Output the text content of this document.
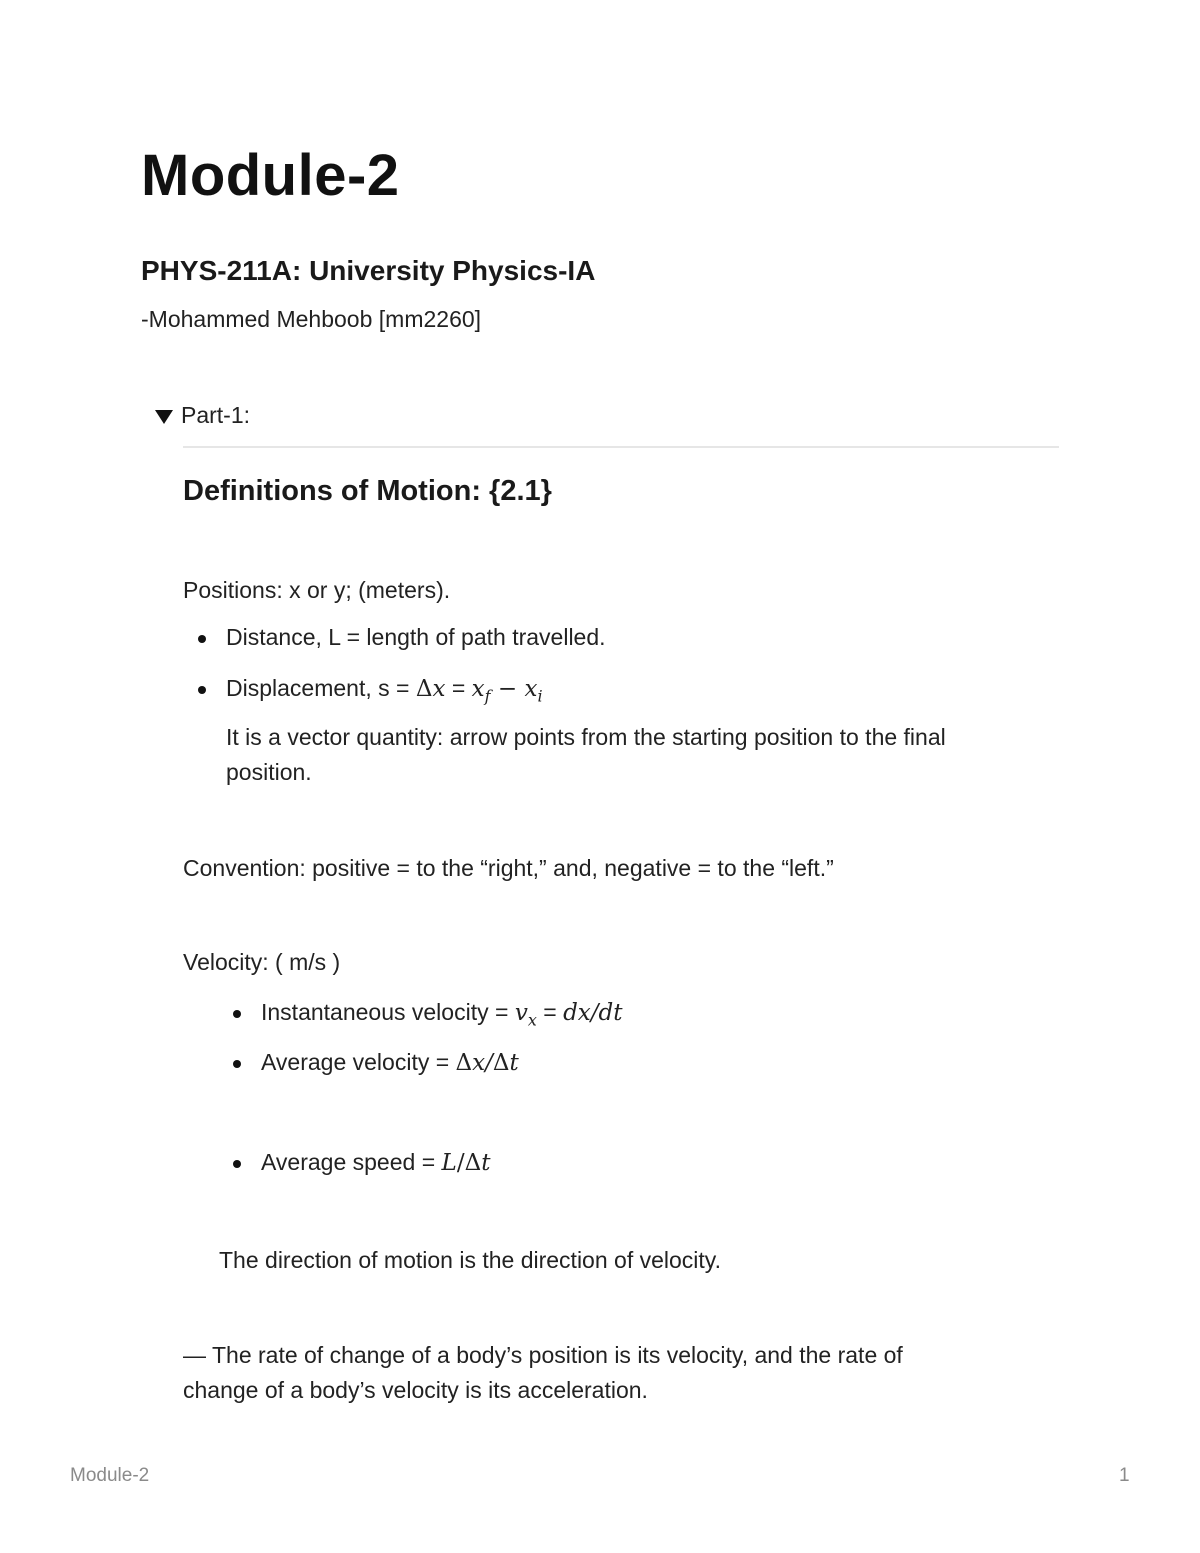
Module-2
PHYS-211A: University Physics-IA
-Mohammed Mehboob [mm2260]
Part-1:
Definitions of Motion: {2.1}
Positions: x or y; (meters).
Distance, L = length of path travelled.
Displacement, $s = \Delta x = x_f - x_i$
It is a vector quantity: arrow points from the starting position to the final
position.
Convention: positive = to the “right,” and, negative = to the “left.”
Velocity: ( m/s )
Instantaneous velocity = $v_x = dx/dt$
Average velocity = Δx/Δt
Average speed = L/Δt
The direction of motion is the direction of velocity.
— The rate of change of a body’s position is its velocity, and the rate of
change of a body’s velocity is its acceleration.
Module-2	1
